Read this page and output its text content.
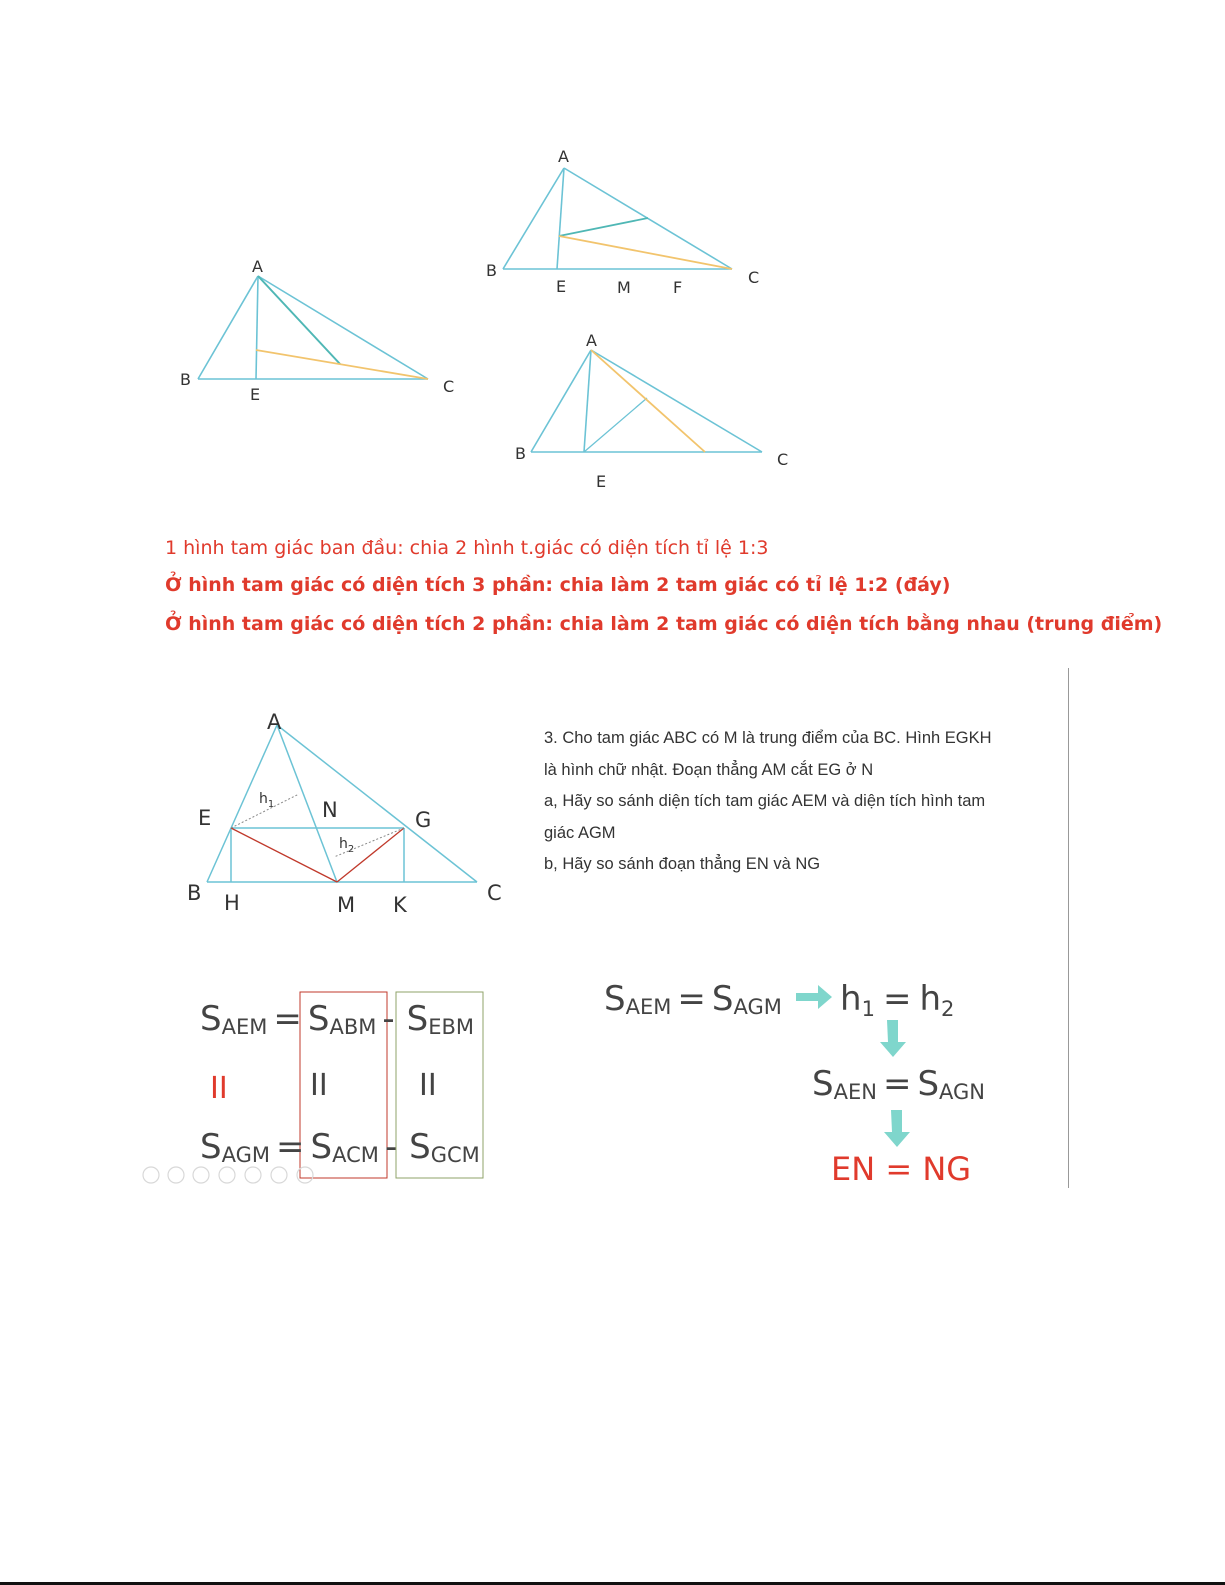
A
B	C
E
A
B	C
E	M	F
A
B	C
E
1 hình tam giác ban đầu: chia 2 hình t.giác có diện tích tỉ lệ 1:3
Ở hình tam giác có diện tích 3 phần: chia làm 2 tam giác có tỉ lệ 1:2 (đáy)
Ở hình tam giác có diện tích 2 phần: chia làm 2 tam giác có diện tích bằng nhau (trung điểm)
A
B	C
E	G
H	K
M
N
$h_1$
$h_2$
3. Cho tam giác ABC có M là trung điểm của BC. Hình EGKH
là hình chữ nhật. Đoạn thẳng AM cắt EG ở N
a, Hãy so sánh diện tích tam giác AEM và diện tích hình tam
giác AGM
b, Hãy so sánh đoạn thẳng EN và NG
SAEM = SABM - SEBM
II	II	II
SAGM = SACM - SGCM
SAEM = SAGM h1 = h2
SAEN = SAGN
EN = NG
